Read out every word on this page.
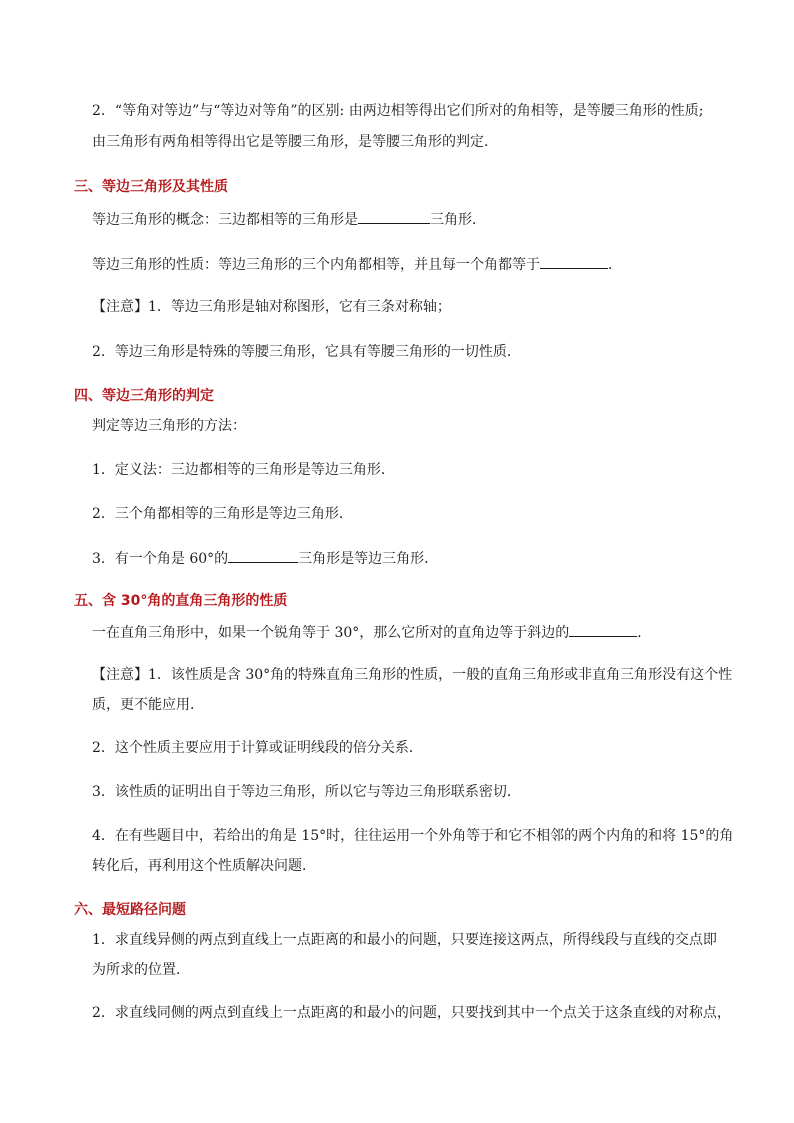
2．“等角对等边”与“等边对等角”的区别: 由两边相等得出它们所对的角相等，是等腰三角形的性质;
由三角形有两角相等得出它是等腰三角形，是等腰三角形的判定．
三、等边三角形及其性质
等边三角形的概念：三边都相等的三角形是	三角形．
等边三角形的性质：等边三角形的三个内角都相等，并且每一个角都等于	．
【注意】1．等边三角形是轴对称图形，它有三条对称轴；
2．等边三角形是特殊的等腰三角形，它具有等腰三角形的一切性质．
四、等边三角形的判定
判定等边三角形的方法：
1．定义法：三边都相等的三角形是等边三角形．
2．三个角都相等的三角形是等边三角形．
3．有一个角是 60°的	三角形是等边三角形．
五、含 30°角的直角三角形的性质
一在直角三角形中，如果一个锐角等于 30°，那么它所对的直角边等于斜边的	．
【注意】1．该性质是含 30°角的特殊直角三角形的性质，一般的直角三角形或非直角三角形没有这个性
质，更不能应用．
2．这个性质主要应用于计算或证明线段的倍分关系．
3．该性质的证明出自于等边三角形，所以它与等边三角形联系密切．
4．在有些题目中，若给出的角是 15°时，往往运用一个外角等于和它不相邻的两个内角的和将 15°的角
转化后，再利用这个性质解决问题．
六、最短路径问题
1．求直线异侧的两点到直线上一点距离的和最小的问题，只要连接这两点，所得线段与直线的交点即
为所求的位置．
2．求直线同侧的两点到直线上一点距离的和最小的问题，只要找到其中一个点关于这条直线的对称点，
